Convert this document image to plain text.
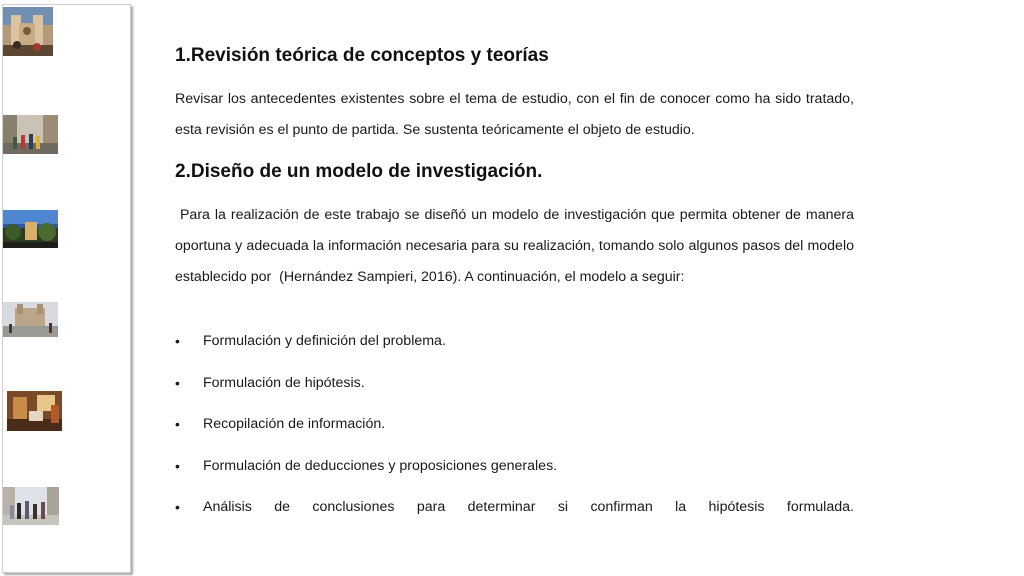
1.Revisión teórica de conceptos y teorías

Revisar los antecedentes existentes sobre el tema de estudio, con el fin de conocer como ha sido tratado, esta revisión es el punto de partida. Se sustenta teóricamente el objeto de estudio.

2.Diseño de un modelo de investigación.

Para la realización de este trabajo se diseñó un modelo de investigación que permita obtener de manera oportuna y adecuada la información necesaria para su realización, tomando solo algunos pasos del modelo establecido por  (Hernández Sampieri, 2016). A continuación, el modelo a seguir:

• Formulación y definición del problema.
• Formulación de hipótesis.
• Recopilación de información.
• Formulación de deducciones y proposiciones generales.
• Análisis de conclusiones para determinar si confirman la hipótesis formulada.
